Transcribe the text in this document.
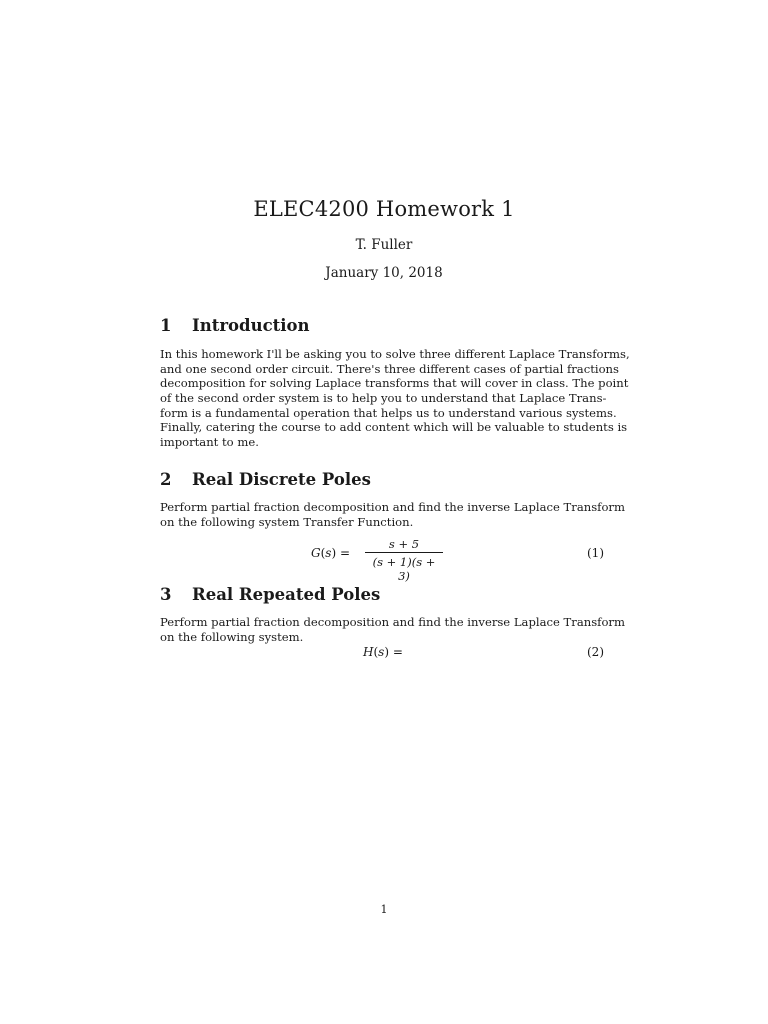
ELEC4200 Homework 1
T. Fuller
January 10, 2018
1 Introduction
In this homework I'll be asking you to solve three different Laplace Transforms,
and one second order circuit. There's three different cases of partial fractions
decomposition for solving Laplace transforms that will cover in class. The point
of the second order system is to help you to understand that Laplace Trans-
form is a fundamental operation that helps us to understand various systems.
Finally, catering the course to add content which will be valuable to students is
important to me.
2 Real Discrete Poles
Perform partial fraction decomposition and find the inverse Laplace Transform
on the following system Transfer Function.
$G(s) = \frac{s + 5}{(s + 1)(s + 3)}$	(1)
3 Real Repeated Poles
Perform partial fraction decomposition and find the inverse Laplace Transform
on the following system.
H(s) =	(2)
1
